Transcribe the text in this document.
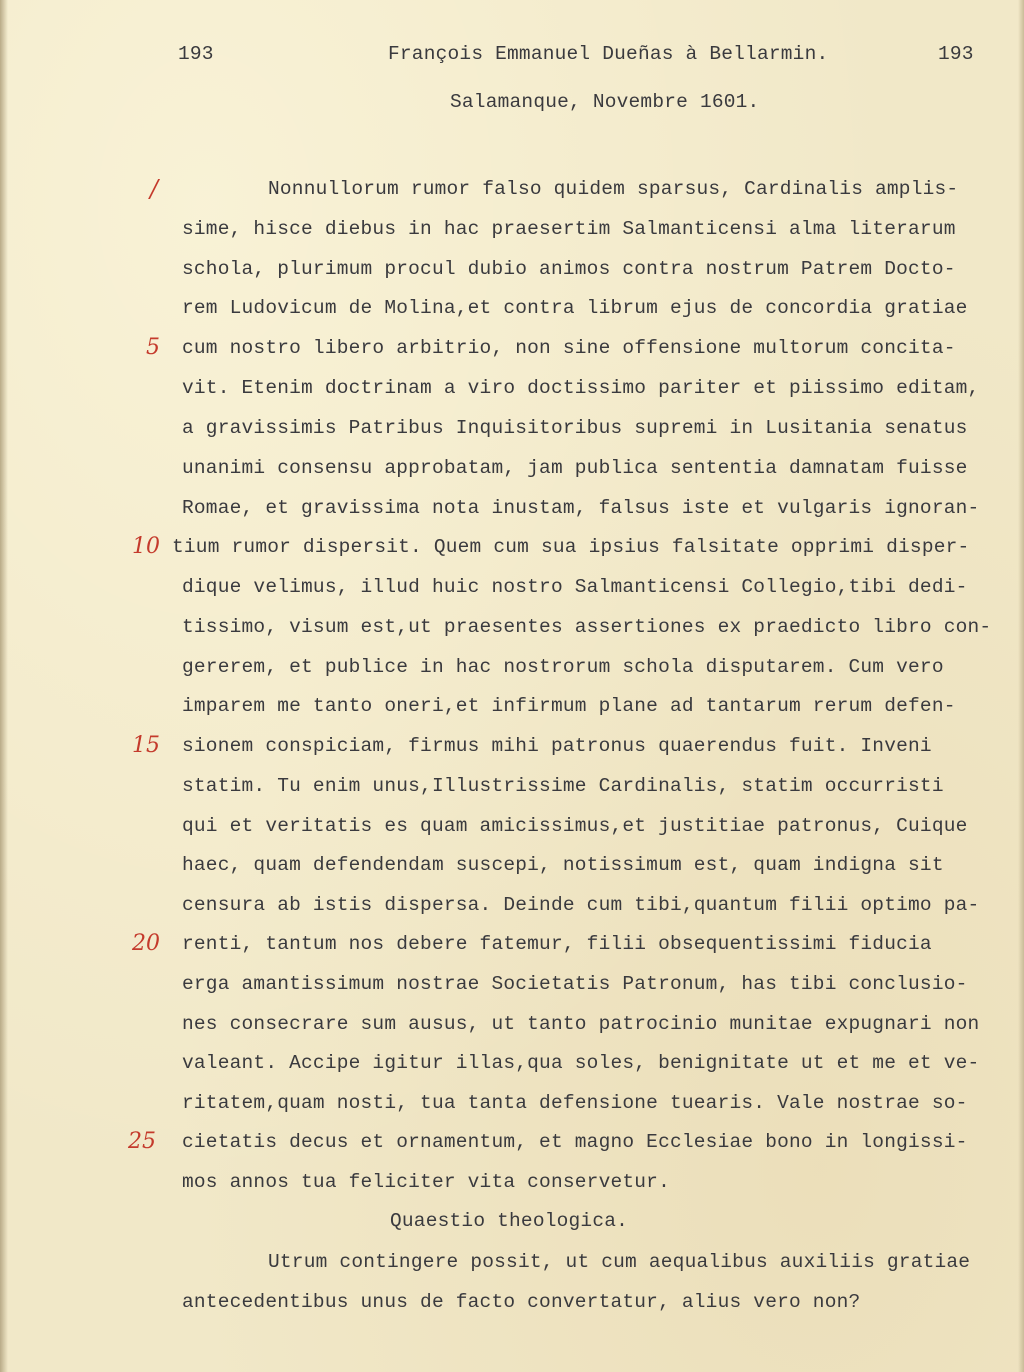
193	François Emmanuel Dueñas à Bellarmin.	193
Salamanque, Novembre 1601.
/
5
10
15
20
25
Nonnullorum rumor falso quidem sparsus, Cardinalis amplis-
sime, hisce diebus in hac praesertim Salmanticensi alma literarum
schola, plurimum procul dubio animos contra nostrum Patrem Docto-
rem Ludovicum de Molina,et contra librum ejus de concordia gratiae
cum nostro libero arbitrio, non sine offensione multorum concita-
vit. Etenim doctrinam a viro doctissimo pariter et piissimo editam,
a gravissimis Patribus Inquisitoribus supremi in Lusitania senatus
unanimi consensu approbatam, jam publica sententia damnatam fuisse
Romae, et gravissima nota inustam, falsus iste et vulgaris ignoran-
tium rumor dispersit. Quem cum sua ipsius falsitate opprimi disper-
dique velimus, illud huic nostro Salmanticensi Collegio,tibi dedi-
tissimo, visum est,ut praesentes assertiones ex praedicto libro con-
gererem, et publice in hac nostrorum schola disputarem. Cum vero
imparem me tanto oneri,et infirmum plane ad tantarum rerum defen-
sionem conspiciam, firmus mihi patronus quaerendus fuit. Inveni
statim. Tu enim unus,Illustrissime Cardinalis, statim occurristi
qui et veritatis es quam amicissimus,et justitiae patronus, Cuique
haec, quam defendendam suscepi, notissimum est, quam indigna sit
censura ab istis dispersa. Deinde cum tibi,quantum filii optimo pa-
renti, tantum nos debere fatemur, filii obsequentissimi fiducia
erga amantissimum nostrae Societatis Patronum, has tibi conclusio-
nes consecrare sum ausus, ut tanto patrocinio munitae expugnari non
valeant. Accipe igitur illas,qua soles, benignitate ut et me et ve-
ritatem,quam nosti, tua tanta defensione tuearis. Vale nostrae so-
cietatis decus et ornamentum, et magno Ecclesiae bono in longissi-
mos annos tua feliciter vita conservetur.
Quaestio theologica.
Utrum contingere possit, ut cum aequalibus auxiliis gratiae
antecedentibus unus de facto convertatur, alius vero non?
